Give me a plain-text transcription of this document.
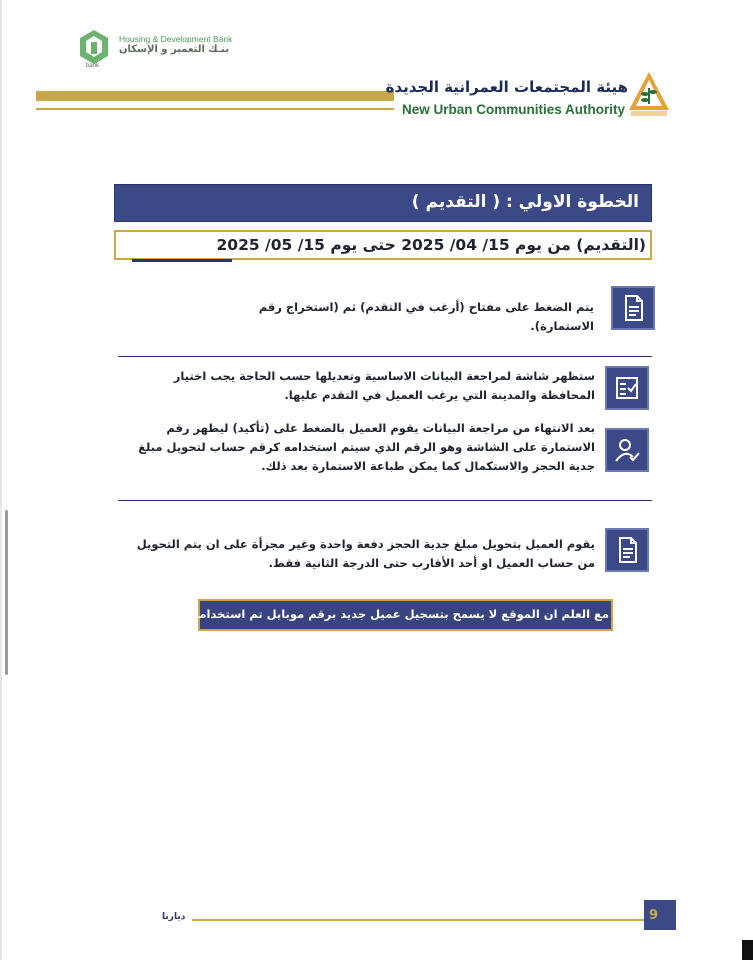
bank
Housing & Development Bank
بنـك التعمير و الإسكان
هيئة المجتمعات العمرانية الجديدة
New Urban Communities Authority
الخطوة الاولي : ( التقديم )
(التقديم) من يوم 15/ 04/ 2025 حتى يوم 15/ 05/ 2025
يتم الضغط على مفتاح (أرغب في التقدم) ثم (استخراج رقم الاستمارة).
ستظهر شاشة لمراجعة البيانات الاساسية وتعديلها حسب الحاجة يجب اختيار المحافظة والمدينة التي يرغب العميل في التقدم عليها.
بعد الانتهاء من مراجعة البيانات يقوم العميل بالضغط على (تأكيد) ليظهر رقم الاستمارة على الشاشة وهو الرقم الذي سيتم استخدامه كرقم حساب لتحويل مبلغ جدية الحجز والاستكمال كما يمكن طباعة الاستمارة بعد ذلك.
يقوم العميل بتحويل مبلغ جدية الحجز دفعة واحدة وغير مجزأة على ان يتم التحويل من حساب العميل او أحد الأقارب حتى الدرجة الثانية فقط.
مع العلم ان الموقع لا يسمح بتسجيل عميل جديد برقم موبايل تم استخدامه من قبل
ديارنا	9
